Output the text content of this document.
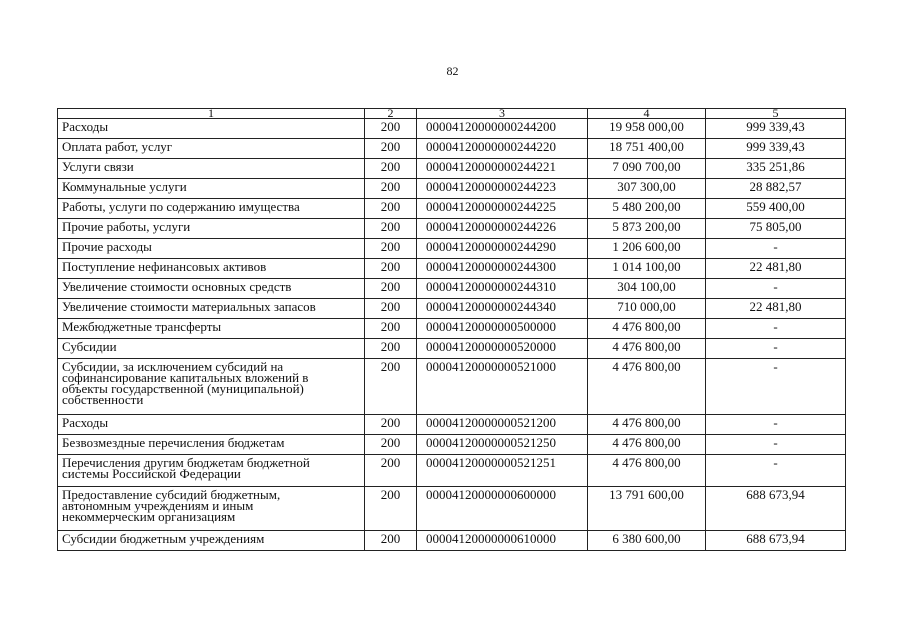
82
1	2	3	4	5
Расходы	200	00004120000000244200	19 958 000,00	999 339,43
Оплата работ, услуг	200	00004120000000244220	18 751 400,00	999 339,43
Услуги связи	200	00004120000000244221	7 090 700,00	335 251,86
Коммунальные услуги	200	00004120000000244223	307 300,00	28 882,57
Работы, услуги по содержанию имущества	200	00004120000000244225	5 480 200,00	559 400,00
Прочие работы, услуги	200	00004120000000244226	5 873 200,00	75 805,00
Прочие расходы	200	00004120000000244290	1 206 600,00	-
Поступление нефинансовых активов	200	00004120000000244300	1 014 100,00	22 481,80
Увеличение стоимости основных средств	200	00004120000000244310	304 100,00	-
Увеличение стоимости материальных запасов	200	00004120000000244340	710 000,00	22 481,80
Межбюджетные трансферты	200	00004120000000500000	4 476 800,00	-
Субсидии	200	00004120000000520000	4 476 800,00	-
Субсидии, за исключением субсидий на
софинансирование капитальных вложений в
объекты государственной (муниципальной)
собственности	200	00004120000000521000	4 476 800,00	-
Расходы	200	00004120000000521200	4 476 800,00	-
Безвозмездные перечисления бюджетам	200	00004120000000521250	4 476 800,00	-
Перечисления другим бюджетам бюджетной
системы Российской Федерации	200	00004120000000521251	4 476 800,00	-
Предоставление субсидий бюджетным,
автономным учреждениям и иным
некоммерческим организациям	200	00004120000000600000	13 791 600,00	688 673,94
Субсидии бюджетным учреждениям	200	00004120000000610000	6 380 600,00	688 673,94
